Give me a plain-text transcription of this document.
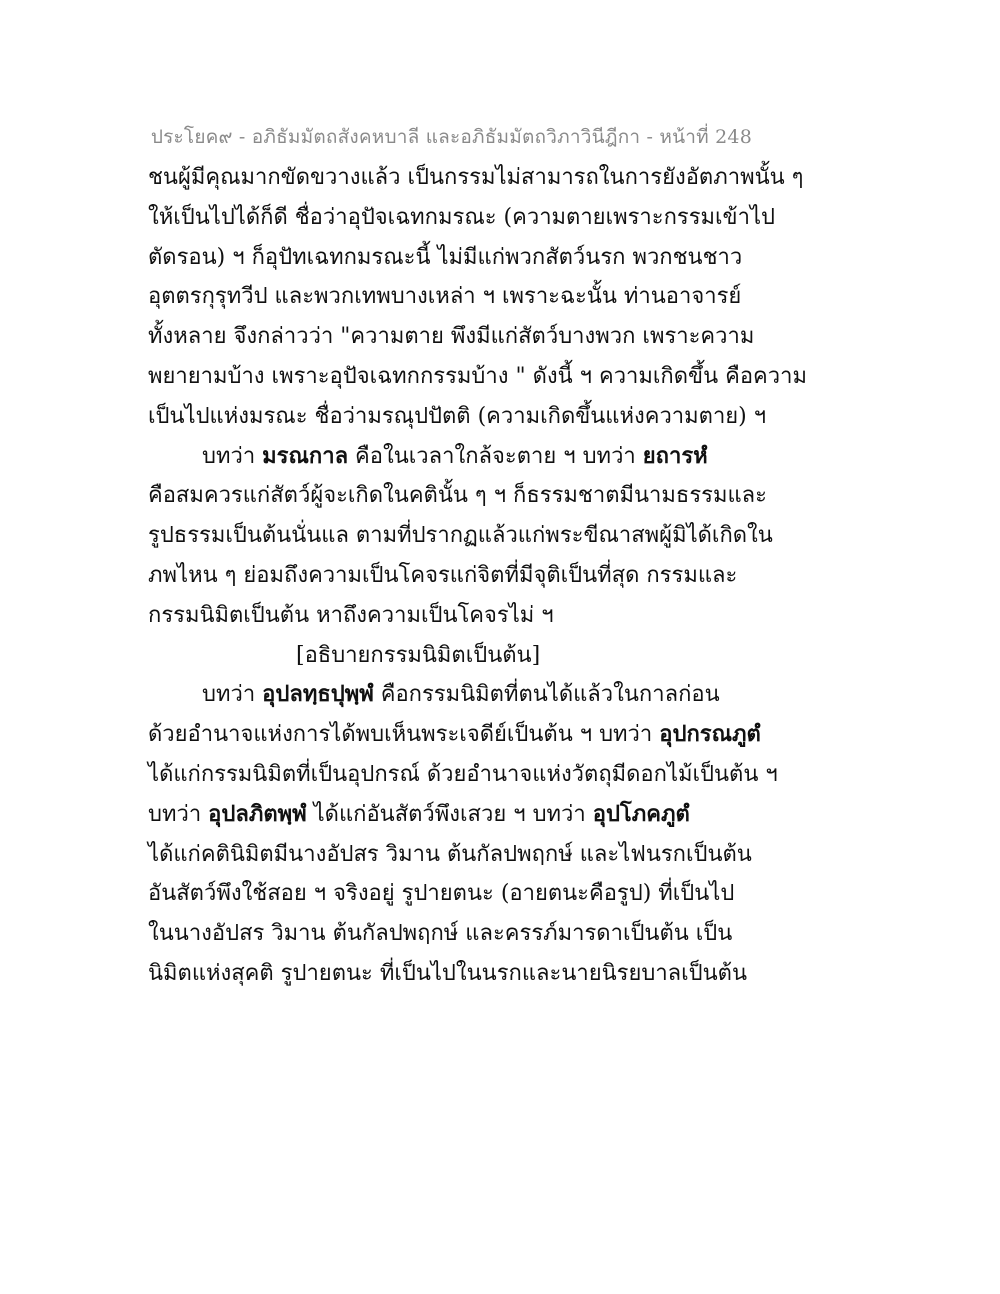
ประโยค๙ - อภิธัมมัตถสังคหบาลี และอภิธัมมัตถวิภาวินีฎีกา - หน้าที่ 248
ชนผู้มีคุณมากขัดขวางแล้ว เป็นกรรมไม่สามารถในการยังอัตภาพนั้น ๆ
ให้เป็นไปได้ก็ดี ชื่อว่าอุปัจเฉทกมรณะ (ความตายเพราะกรรมเข้าไป
ตัดรอน) ฯ ก็อุปัทเฉทกมรณะนี้ ไม่มีแก่พวกสัตว์นรก พวกชนชาว
อุตตรกุรุทวีป และพวกเทพบางเหล่า ฯ เพราะฉะนั้น ท่านอาจารย์
ทั้งหลาย จึงกล่าวว่า "ความตาย พึงมีแก่สัตว์บางพวก เพราะความ
พยายามบ้าง เพราะอุปัจเฉทกกรรมบ้าง " ดังนี้ ฯ ความเกิดขึ้น คือความ
เป็นไปแห่งมรณะ ชื่อว่ามรณุปปัตติ (ความเกิดขึ้นแห่งความตาย) ฯ
บทว่า มรณกาล คือในเวลาใกล้จะตาย ฯ บทว่า ยถารหํ
คือสมควรแก่สัตว์ผู้จะเกิดในคตินั้น ๆ ฯ ก็ธรรมชาตมีนามธรรมและ
รูปธรรมเป็นต้นนั่นแล ตามที่ปรากฏแล้วแก่พระขีณาสพผู้มิได้เกิดใน
ภพไหน ๆ ย่อมถึงความเป็นโคจรแก่จิตที่มีจุติเป็นที่สุด กรรมและ
กรรมนิมิตเป็นต้น หาถึงความเป็นโคจรไม่ ฯ
[อธิบายกรรมนิมิตเป็นต้น]
บทว่า อุปลทฺธปุพฺพํ คือกรรมนิมิตที่ตนได้แล้วในกาลก่อน
ด้วยอำนาจแห่งการได้พบเห็นพระเจดีย์เป็นต้น ฯ บทว่า อุปกรณภูตํ
ได้แก่กรรมนิมิตที่เป็นอุปกรณ์ ด้วยอำนาจแห่งวัตถุมีดอกไม้เป็นต้น ฯ
บทว่า อุปลภิตพฺพํ ได้แก่อันสัตว์พึงเสวย ฯ บทว่า อุปโภคภูตํ
ได้แก่คตินิมิตมีนางอัปสร วิมาน ต้นกัลปพฤกษ์ และไฟนรกเป็นต้น
อันสัตว์พึงใช้สอย ฯ จริงอยู่ รูปายตนะ (อายตนะคือรูป) ที่เป็นไป
ในนางอัปสร วิมาน ต้นกัลปพฤกษ์ และครรภ์มารดาเป็นต้น เป็น
นิมิตแห่งสุคติ รูปายตนะ ที่เป็นไปในนรกและนายนิรยบาลเป็นต้น
